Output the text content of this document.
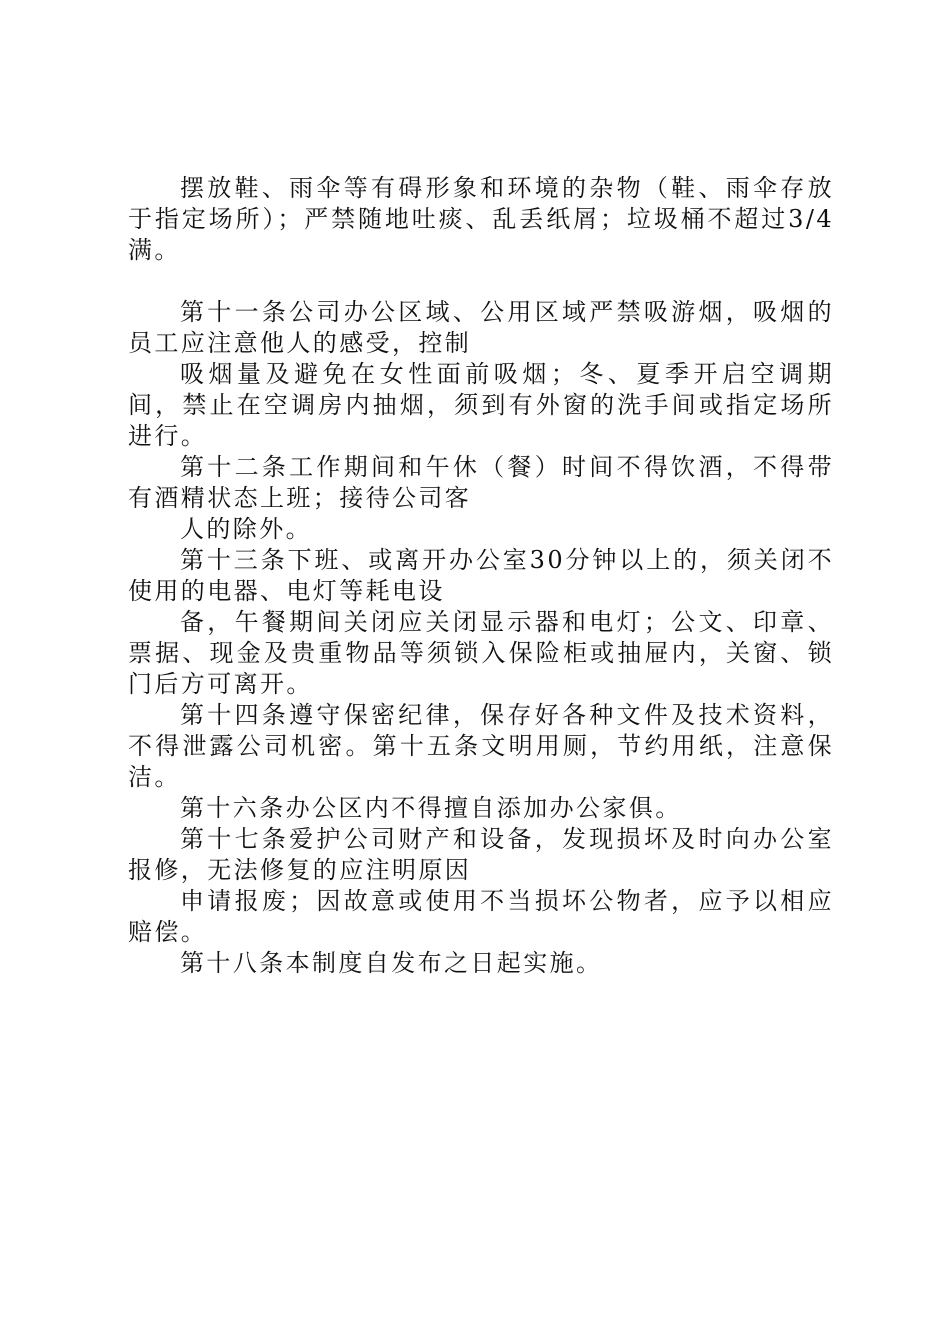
摆放鞋、雨伞等有碍形象和环境的杂物（鞋、雨伞存放于指定场所）；严禁随地吐痰、乱丢纸屑；垃圾桶不超过3/4满。

第十一条公司办公区域、公用区域严禁吸游烟，吸烟的员工应注意他人的感受，控制

吸烟量及避免在女性面前吸烟；冬、夏季开启空调期间，禁止在空调房内抽烟，须到有外窗的洗手间或指定场所进行。

第十二条工作期间和午休（餐）时间不得饮酒，不得带有酒精状态上班；接待公司客

人的除外。

第十三条下班、或离开办公室30分钟以上的，须关闭不使用的电器、电灯等耗电设

备，午餐期间关闭应关闭显示器和电灯；公文、印章、票据、现金及贵重物品等须锁入保险柜或抽屉内，关窗、锁门后方可离开。

第十四条遵守保密纪律，保存好各种文件及技术资料，不得泄露公司机密。第十五条文明用厕，节约用纸，注意保洁。

第十六条办公区内不得擅自添加办公家俱。

第十七条爱护公司财产和设备，发现损坏及时向办公室报修，无法修复的应注明原因

申请报废；因故意或使用不当损坏公物者，应予以相应赔偿。

第十八条本制度自发布之日起实施。
